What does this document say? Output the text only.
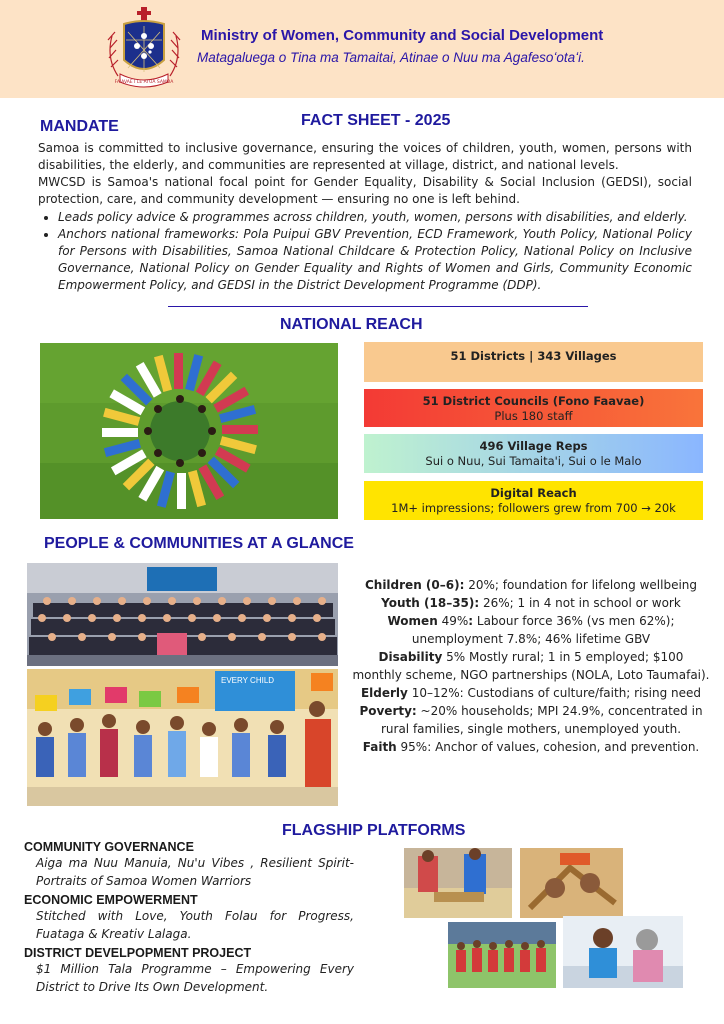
FA'AVAE I LE ATUA SAMOA
Ministry of Women, Community and Social Development
Matagaluega o Tina ma Tamaitai, Atinae o Nuu ma Agafesoʻotaʻi.
MANDATE	FACT SHEET - 2025

Samoa is committed to inclusive governance, ensuring the voices of children, youth, women, persons with disabilities, the elderly, and communities are represented at village, district, and national levels.

MWCSD is Samoa's national focal point for Gender Equality, Disability & Social Inclusion (GEDSI), social protection, care, and community development — ensuring no one is left behind.

• Leads policy advice & programmes across children, youth, women, persons with disabilities, and elderly.
• Anchors national frameworks: Pola Puipui GBV Prevention, ECD Framework, Youth Policy, National Policy for Persons with Disabilities, Samoa National Childcare & Protection Policy, National Policy on Inclusive Governance, National Policy on Gender Equality and Rights of Women and Girls, Community Economic Empowerment Policy, and GEDSI in the District Development Programme (DDP).
NATIONAL REACH
51 Districts | 343 Villages
51 District Councils (Fono Faavae)
Plus 180 staff
496 Village Reps
Sui o Nuu, Sui Tamaita'i, Sui o le Malo
Digital Reach
1M+ impressions; followers grew from 700 → 20k
PEOPLE & COMMUNITIES AT A GLANCE
EVERY CHILD
Children (0–6): 20%; foundation for lifelong wellbeing
Youth (18–35): 26%; 1 in 4 not in school or work
Women 49%: Labour force 36% (vs men 62%); unemployment 7.8%; 46% lifetime GBV
Disability 5% Mostly rural; 1 in 5 employed; $100 monthly scheme, NGO partnerships (NOLA, Loto Taumafai).
Elderly 10–12%: Custodians of culture/faith; rising need Poverty: ~20% households; MPI 24.9%, concentrated in rural families, single mothers, unemployed youth.
Faith 95%: Anchor of values, cohesion, and prevention.
FLAGSHIP PLATFORMS
COMMUNITY GOVERNANCE
Aiga ma Nuu Manuia, Nu'u Vibes , Resilient Spirit-Portraits of Samoa Women Warriors
ECONOMIC EMPOWERMENT
Stitched with Love, Youth Folau for Progress, Fuataga & Kreativ Lalaga.
DISTRICT DEVELPOPMENT PROJECT
$1 Million Tala Programme – Empowering Every District to Drive Its Own Development.
